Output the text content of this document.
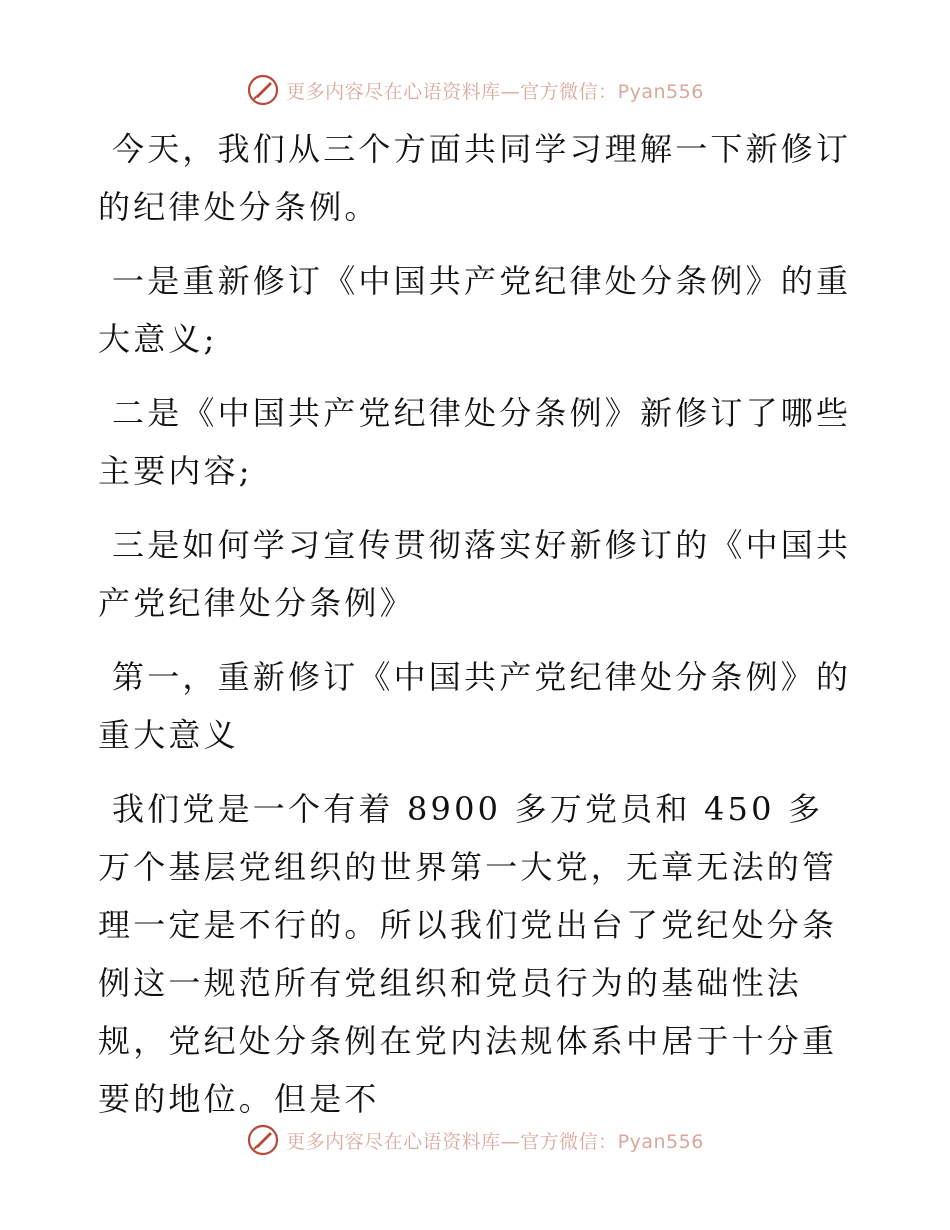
更多内容尽在心语资料库—官方微信：Pyan556

今天，我们从三个方面共同学习理解一下新修订的纪律处分条例。

一是重新修订《中国共产党纪律处分条例》的重大意义;

二是《中国共产党纪律处分条例》新修订了哪些主要内容;

三是如何学习宣传贯彻落实好新修订的《中国共产党纪律处分条例》

第一，重新修订《中国共产党纪律处分条例》的重大意义

我们党是一个有着 8900 多万党员和 450 多万个基层党组织的世界第一大党，无章无法的管理一定是不行的。所以我们党出台了党纪处分条例这一规范所有党组织和党员行为的基础性法规，党纪处分条例在党内法规体系中居于十分重要的地位。但是不

更多内容尽在心语资料库—官方微信：Pyan556
